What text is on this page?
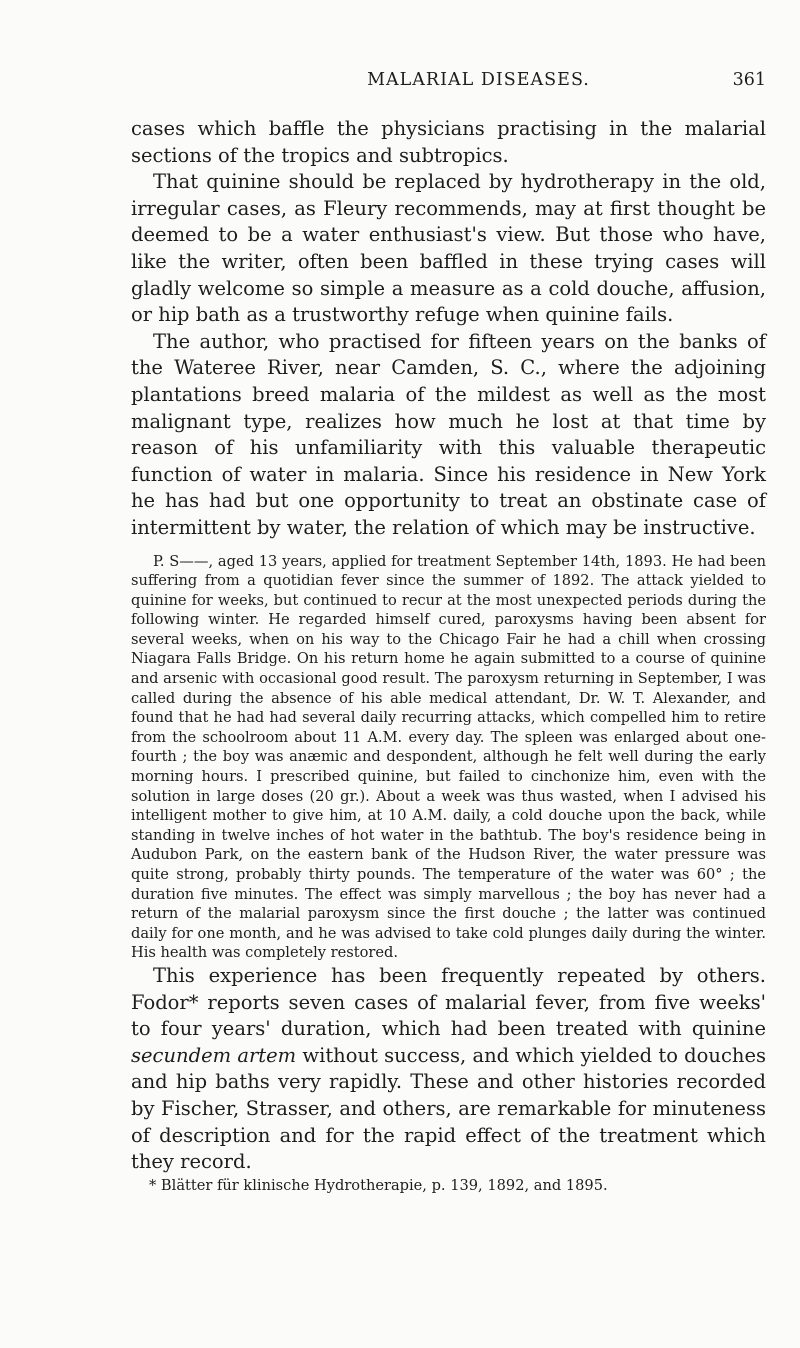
MALARIAL DISEASES.	361

cases which baffle the physicians practising in the malarial sections of the tropics and subtropics.

That quinine should be replaced by hydrotherapy in the old, irregular cases, as Fleury recommends, may at first thought be deemed to be a water enthusiast's view. But those who have, like the writer, often been baffled in these trying cases will gladly welcome so simple a measure as a cold douche, affusion, or hip bath as a trustworthy refuge when quinine fails.

The author, who practised for fifteen years on the banks of the Wateree River, near Camden, S. C., where the adjoining plantations breed malaria of the mildest as well as the most malignant type, realizes how much he lost at that time by reason of his unfamiliarity with this valuable therapeutic function of water in malaria. Since his residence in New York he has had but one opportunity to treat an obstinate case of intermittent by water, the relation of which may be instructive.

P. S——, aged 13 years, applied for treatment September 14th, 1893. He had been suffering from a quotidian fever since the summer of 1892. The attack yielded to quinine for weeks, but continued to recur at the most unexpected periods during the following winter. He regarded himself cured, paroxysms having been absent for several weeks, when on his way to the Chicago Fair he had a chill when crossing Niagara Falls Bridge. On his return home he again submitted to a course of quinine and arsenic with occasional good result. The paroxysm returning in September, I was called during the absence of his able medical attendant, Dr. W. T. Alexander, and found that he had had several daily recurring attacks, which compelled him to retire from the schoolroom about 11 A.M. every day. The spleen was enlarged about one-fourth ; the boy was anæmic and despondent, although he felt well during the early morning hours. I prescribed quinine, but failed to cinchonize him, even with the solution in large doses (20 gr.). About a week was thus wasted, when I advised his intelligent mother to give him, at 10 A.M. daily, a cold douche upon the back, while standing in twelve inches of hot water in the bathtub. The boy's residence being in Audubon Park, on the eastern bank of the Hudson River, the water pressure was quite strong, probably thirty pounds. The temperature of the water was 60° ; the duration five minutes. The effect was simply marvellous ; the boy has never had a return of the malarial paroxysm since the first douche ; the latter was continued daily for one month, and he was advised to take cold plunges daily during the winter. His health was completely restored.

This experience has been frequently repeated by others. Fodor* reports seven cases of malarial fever, from five weeks' to four years' duration, which had been treated with quinine secundem artem without success, and which yielded to douches and hip baths very rapidly. These and other histories recorded by Fischer, Strasser, and others, are remarkable for minuteness of description and for the rapid effect of the treatment which they record.

* Blätter für klinische Hydrotherapie, p. 139, 1892, and 1895.
